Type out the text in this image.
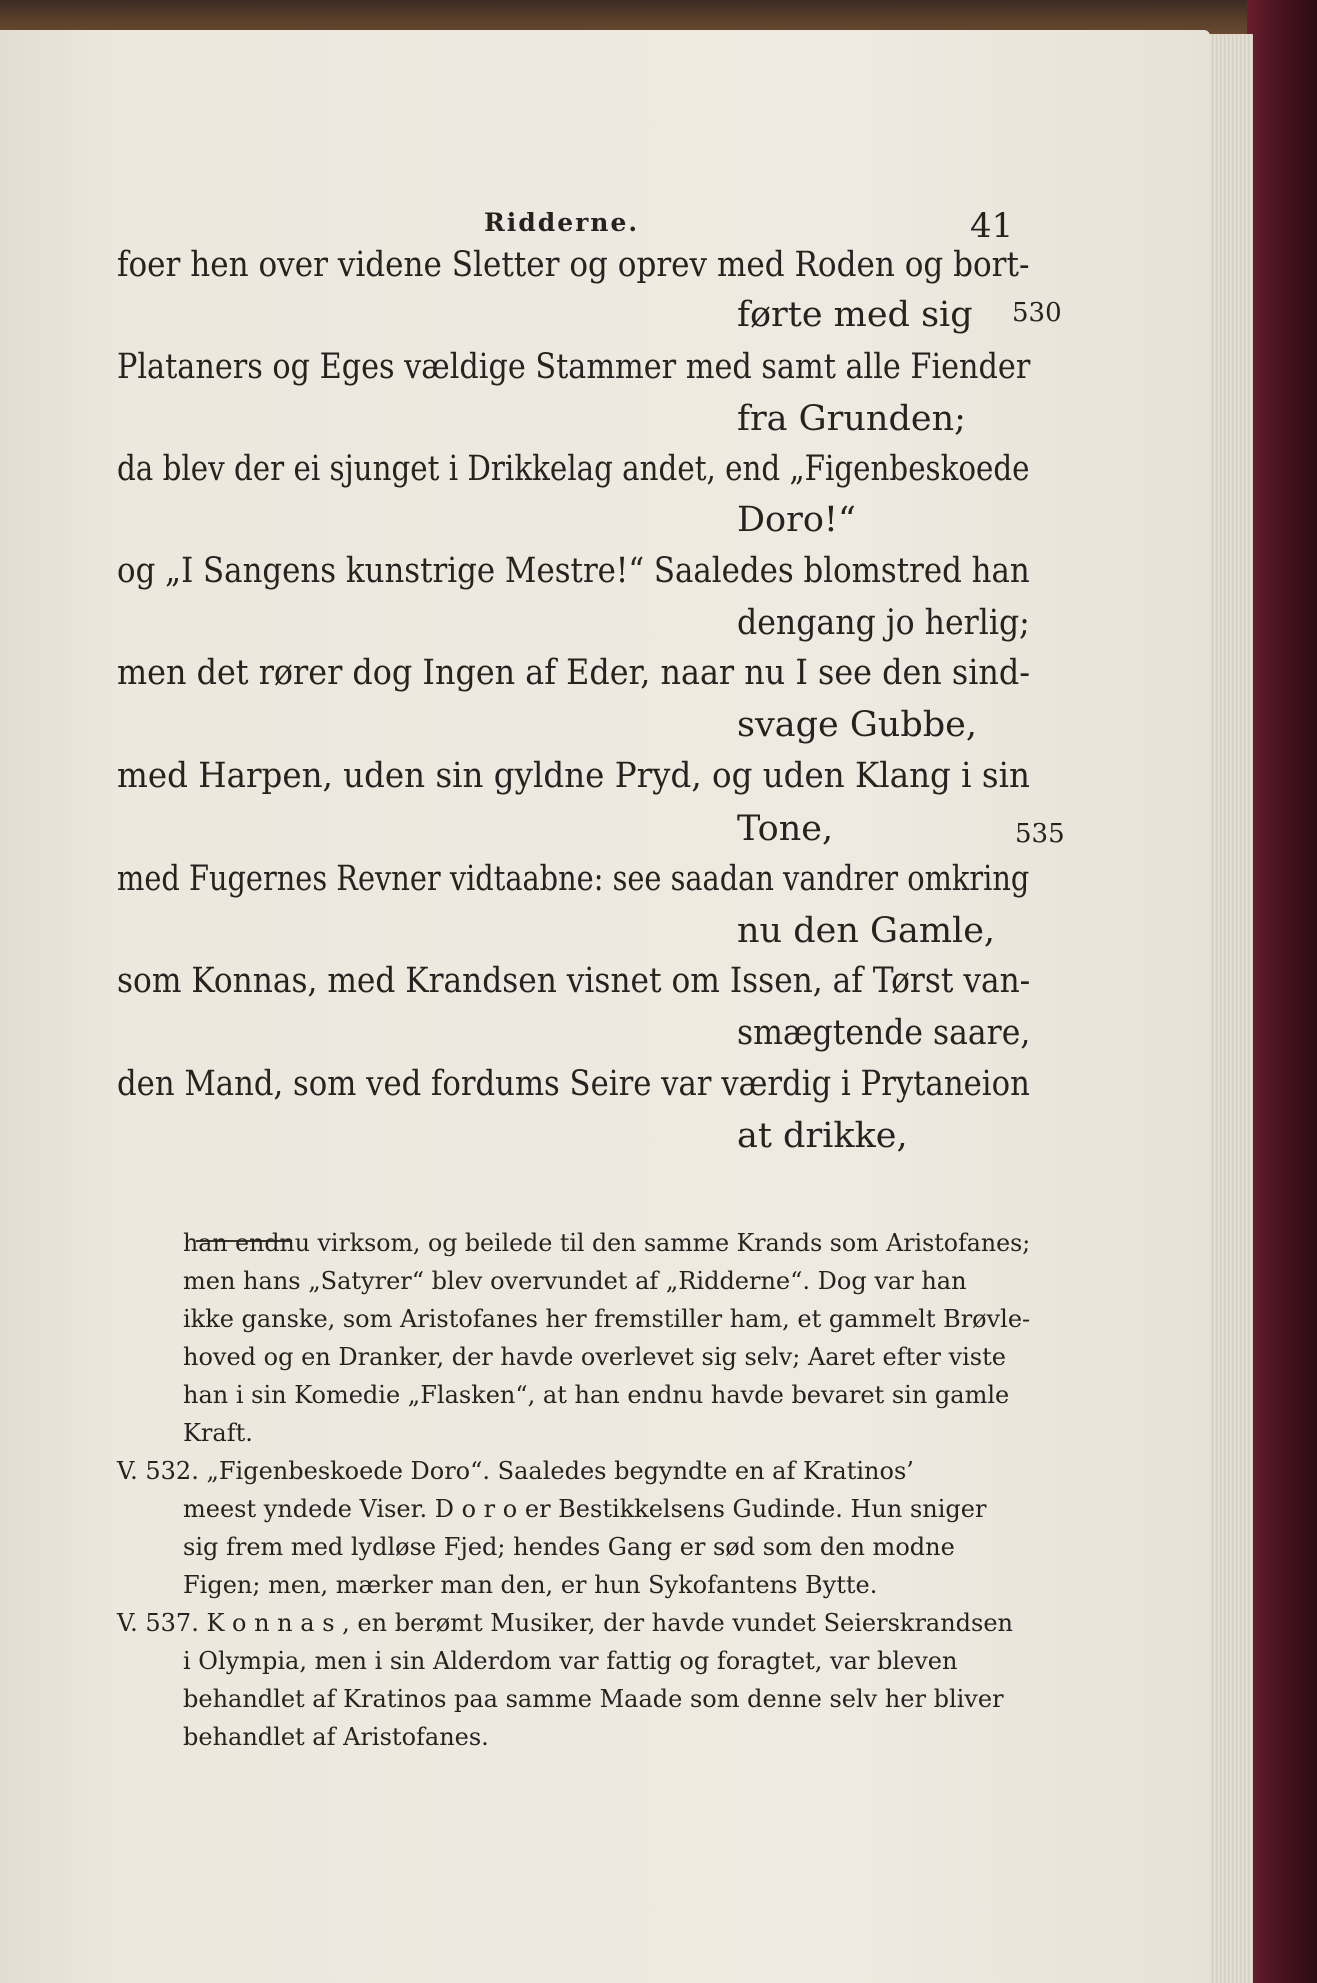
Ridderne.	41
foer hen over videne Sletter og oprev med Roden og bort-
førte med sig
Plataners og Eges vældige Stammer med samt alle Fiender
fra Grunden;
da blev der ei sjunget i Drikkelag andet, end „Figenbeskoede
Doro!“
og „I Sangens kunstrige Mestre!“ Saaledes blomstred han
dengang jo herlig;
men det rører dog Ingen af Eder, naar nu I see den sind-
svage Gubbe,
med Harpen, uden sin gyldne Pryd, og uden Klang i sin
Tone,
med Fugernes Revner vidtaabne: see saadan vandrer omkring
nu den Gamle,
som Konnas, med Krandsen visnet om Issen, af Tørst van-
smægtende saare,
den Mand, som ved fordums Seire var værdig i Prytaneion
at drikke,
530
535
han endnu virksom, og beilede til den samme Krands som Aristofanes;
men hans „Satyrer“ blev overvundet af „Ridderne“. Dog var han
ikke ganske, som Aristofanes her fremstiller ham, et gammelt Brøvle-
hoved og en Dranker, der havde overlevet sig selv; Aaret efter viste
han i sin Komedie „Flasken“, at han endnu havde bevaret sin gamle
Kraft.
V. 532. „Figenbeskoede Doro“. Saaledes begyndte en af Kratinos’
meest yndede Viser. D o r o er Bestikkelsens Gudinde. Hun sniger
sig frem med lydløse Fjed; hendes Gang er sød som den modne
Figen; men, mærker man den, er hun Sykofantens Bytte.
V. 537. K o n n a s , en berømt Musiker, der havde vundet Seierskrandsen
i Olympia, men i sin Alderdom var fattig og foragtet, var bleven
behandlet af Kratinos paa samme Maade som denne selv her bliver
behandlet af Aristofanes.
